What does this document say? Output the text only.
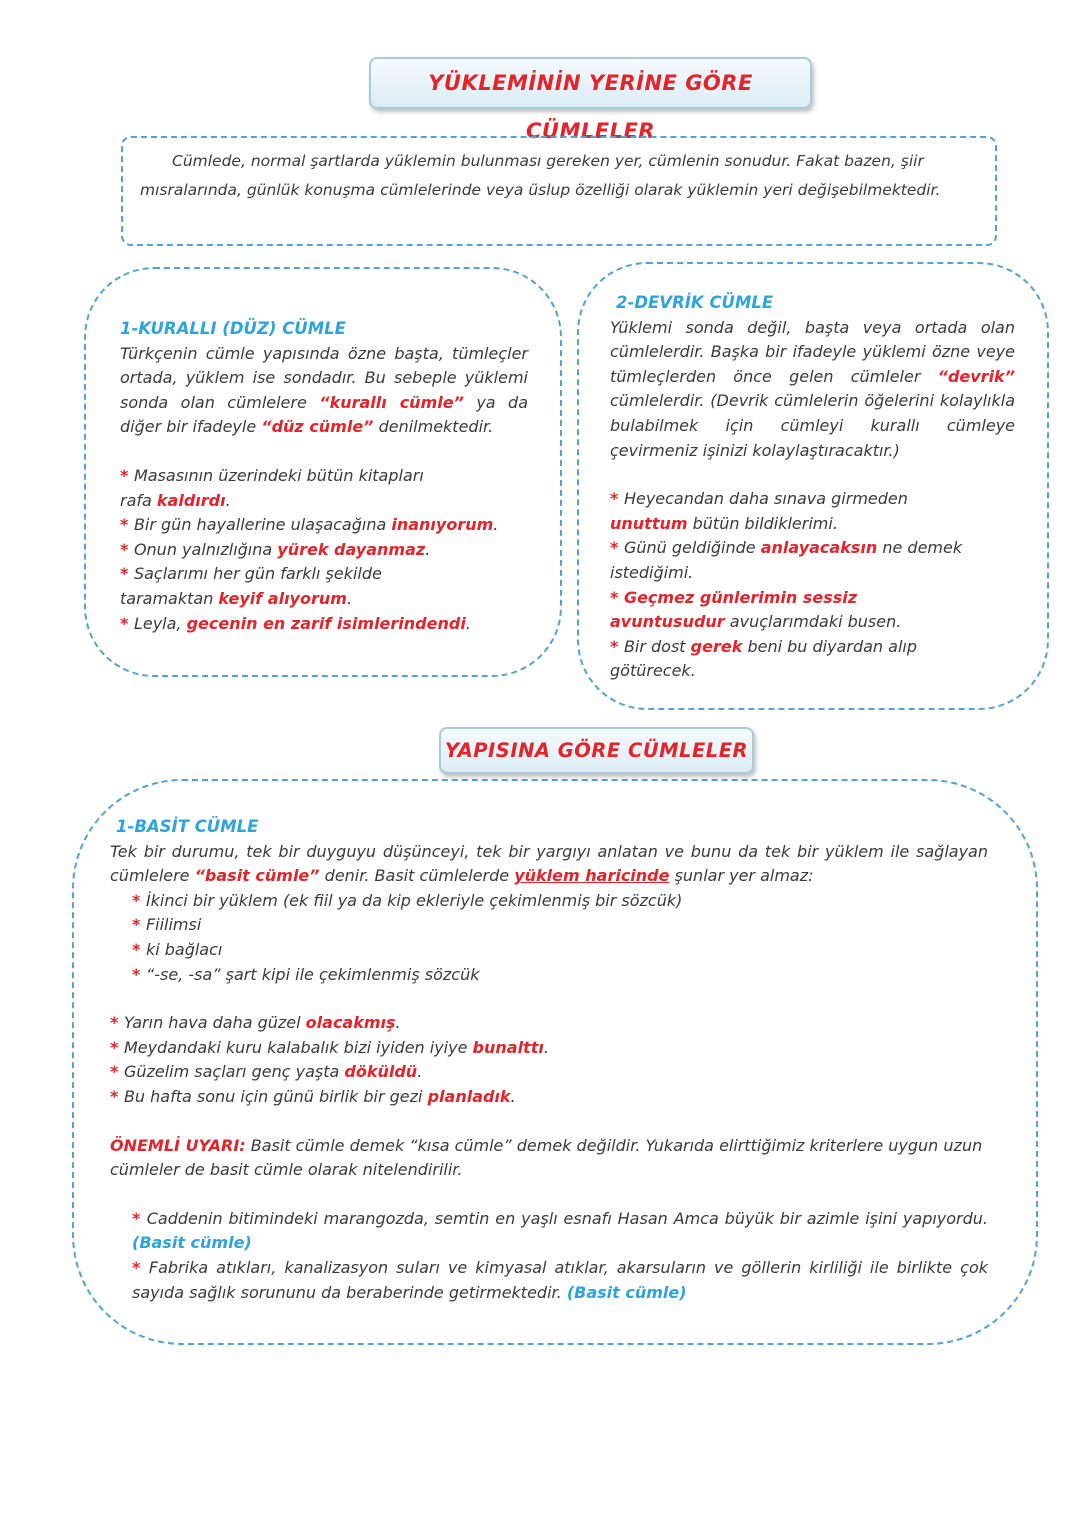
YÜKLEMİNİN YERİNE GÖRE CÜMLELER
Cümlede, normal şartlarda yüklemin bulunması gereken yer, cümlenin sonudur. Fakat bazen, şiir mısralarında, günlük konuşma cümlelerinde veya üslup özelliği olarak yüklemin yeri değişebilmektedir.

1-KURALLI (DÜZ) CÜMLE

Türkçenin cümle yapısında özne başta, tümleçler ortada, yüklem ise sondadır. Bu sebeple yüklemi sonda olan cümlelere “kurallı cümle” ya da diğer bir ifadeyle “düz cümle” denilmektedir.

* Masasının üzerindeki bütün kitapları rafa kaldırdı.

* Bir gün hayallerine ulaşacağına inanıyorum.

* Onun yalnızlığına yürek dayanmaz.

* Saçlarımı her gün farklı şekilde taramaktan keyif alıyorum.

* Leyla, gecenin en zarif isimlerindendi.

2-DEVRİK CÜMLE

Yüklemi sonda değil, başta veya ortada olan cümlelerdir. Başka bir ifadeyle yüklemi özne veye tümleçlerden önce gelen cümleler “devrik” cümlelerdir. (Devrik cümlelerin öğelerini kolaylıkla bulabilmek için cümleyi kurallı cümleye çevirmeniz işinizi kolaylaştıracaktır.)

* Heyecandan daha sınava girmeden unuttum bütün bildiklerimi.

* Günü geldiğinde anlayacaksın ne demek istediğimi.

* Geçmez günlerimin sessiz avuntusudur avuçlarımdaki busen.

* Bir dost gerek beni bu diyardan alıp götürecek.

YAPISINA GÖRE CÜMLELER

1-BASİT CÜMLE

Tek bir durumu, tek bir duyguyu düşünceyi, tek bir yargıyı anlatan ve bunu da tek bir yüklem ile sağlayan cümlelere “basit cümle” denir. Basit cümlelerde yüklem haricinde şunlar yer almaz:

* İkinci bir yüklem (ek fiil ya da kip ekleriyle çekimlenmiş bir sözcük)

* Fiilimsi

* ki bağlacı

* “-se, -sa” şart kipi ile çekimlenmiş sözcük

* Yarın hava daha güzel olacakmış.

* Meydandaki kuru kalabalık bizi iyiden iyiye bunalttı.

* Güzelim saçları genç yaşta döküldü.

* Bu hafta sonu için günü birlik bir gezi planladık.

ÖNEMLİ UYARI: Basit cümle demek “kısa cümle” demek değildir. Yukarıda elirttiğimiz kriterlere uygun uzun cümleler de basit cümle olarak nitelendirilir.

* Caddenin bitimindeki marangozda, semtin en yaşlı esnafı Hasan Amca büyük bir azimle işini yapıyordu. (Basit cümle)

* Fabrika atıkları, kanalizasyon suları ve kimyasal atıklar, akarsuların ve göllerin kirliliği ile birlikte çok sayıda sağlık sorununu da beraberinde getirmektedir. (Basit cümle)
